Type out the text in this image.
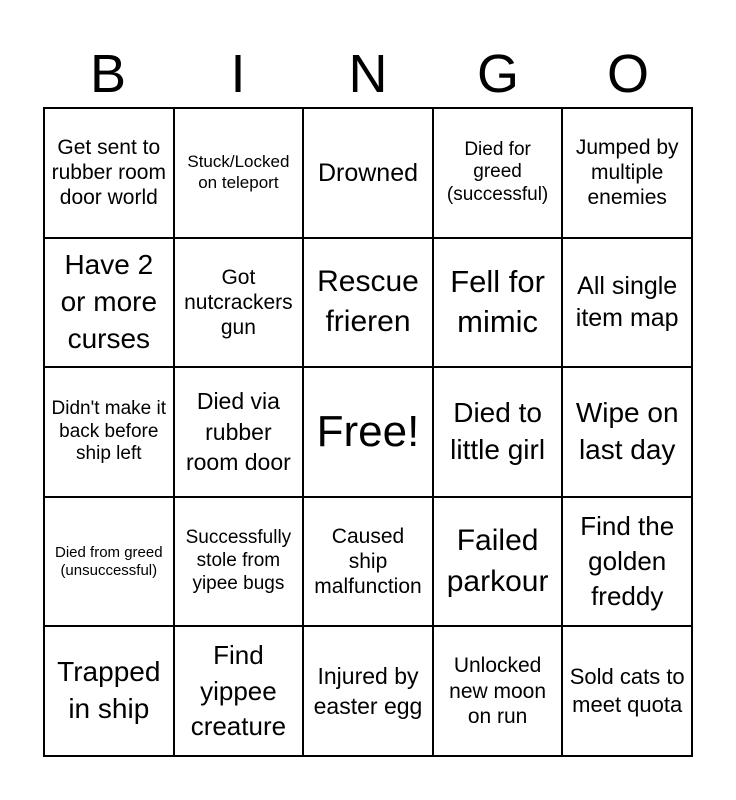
B	I	N	G	O
Get sent to rubber room door world
Stuck/Locked on teleport	Drowned
Died for greed (successful)
Jumped by multiple enemies
Have 2 or more curses
Got nutcrackers gun
Rescue frieren
Fell for mimic
All single item map
Didn't make it back before ship left
Died via rubber room door
Free!	Died to little girl
Wipe on last day
Died from greed (unsuccessful)
Successfully stole from yipee bugs
Caused ship malfunction
Failed parkour
Find the golden freddy
Trapped in ship
Find yippee creature
Injured by easter egg
Unlocked new moon on run
Sold cats to meet quota
